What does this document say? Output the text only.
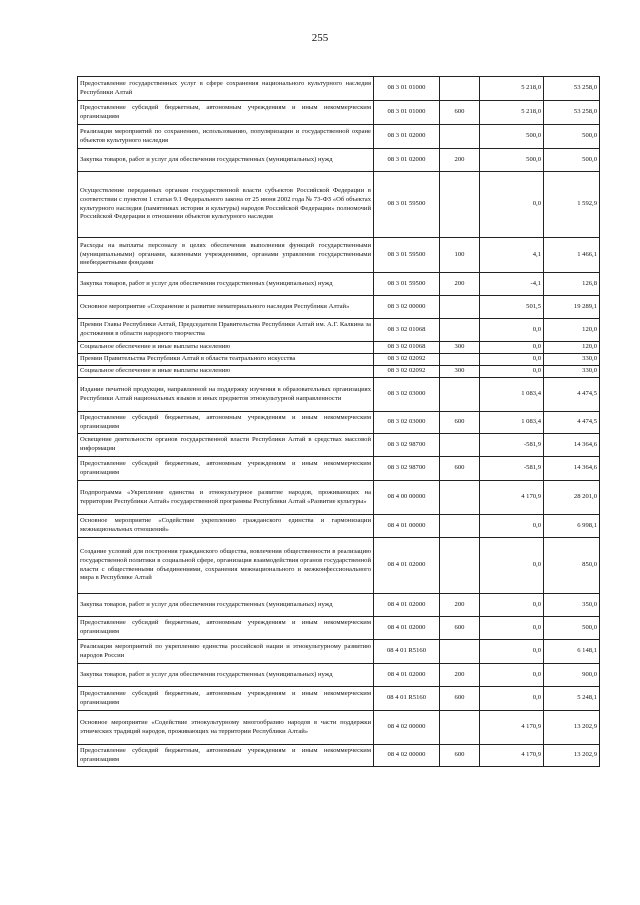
255
Предоставление государственных услуг в сфере сохранения национального культурного наследия Республики Алтай	08 3 01 01000		5 218,0	53 258,0
Предоставление субсидий бюджетным, автономным учреждениям и иным некоммерческим организациям	08 3 01 01000	600	5 218,0	53 258,0
Реализация мероприятий по сохранению, использованию, популяризации и государственной охране объектов культурного наследия	08 3 01 02000		500,0	500,0
Закупка товаров, работ и услуг для обеспечения государственных (муниципальных) нужд	08 3 01 02000	200	500,0	500,0
Осуществление переданных органам государственной власти субъектов Российской Федерации в соответствии с пунктом 1 статьи 9.1 Федерального закона от 25 июня 2002 года № 73-ФЗ «Об объектах культурного наследия (памятниках истории и культуры) народов Российской Федерации» полномочий Российской Федерации в отношении объектов культурного наследия	08 3 01 59500		0,0	1 592,9
Расходы на выплаты персоналу в целях обеспечения выполнения функций государственными (муниципальными) органами, казенными учреждениями, органами управления государственными внебюджетными фондами	08 3 01 59500	100	4,1	1 466,1
Закупка товаров, работ и услуг для обеспечения государственных (муниципальных) нужд	08 3 01 59500	200	-4,1	126,8
Основное мероприятие «Сохранение и развитие нематериального наследия Республики Алтай»	08 3 02 00000		501,5	19 289,1
Премии Главы Республики Алтай, Председателя Правительства Республики Алтай им. А.Г. Калкина за достижения в области народного творчества	08 3 02 01068		0,0	120,0
Социальное обеспечение и иные выплаты населению	08 3 02 01068	300	0,0	120,0
Премии Правительства Республики Алтай в области театрального искусства	08 3 02 02092		0,0	330,0
Социальное обеспечение и иные выплаты населению	08 3 02 02092	300	0,0	330,0
Издание печатной продукции, направленной на поддержку изучения в образовательных организациях Республики Алтай национальных языков и иных предметов этнокультурной направленности	08 3 02 03000		1 083,4	4 474,5
Предоставление субсидий бюджетным, автономным учреждениям и иным некоммерческим организациям	08 3 02 03000	600	1 083,4	4 474,5
Освещение деятельности органов государственной власти Республики Алтай в средствах массовой информации	08 3 02 98700		-581,9	14 364,6
Предоставление субсидий бюджетным, автономным учреждениям и иным некоммерческим организациям	08 3 02 98700	600	-581,9	14 364,6
Подпрограмма «Укрепление единства и этнокультурное развитие народов, проживающих на территории Республики Алтай» государственной программы Республики Алтай «Развитие культуры»	08 4 00 00000		4 170,9	28 201,0
Основное мероприятие «Содействие укреплению гражданского единства и гармонизации межнациональных отношений»	08 4 01 00000		0,0	6 998,1
Создание условий для построения гражданского общества, вовлечения общественности в реализацию государственной политики в социальной сфере, организация взаимодействия органов государственной власти с общественными объединениями, сохранения межнационального и межконфессионального мира в Республике Алтай	08 4 01 02000		0,0	850,0
Закупка товаров, работ и услуг для обеспечения государственных (муниципальных) нужд	08 4 01 02000	200	0,0	350,0
Предоставление субсидий бюджетным, автономным учреждениям и иным некоммерческим организациям	08 4 01 02000	600	0,0	500,0
Реализация мероприятий по укреплению единства российской нации и этнокультурному развитию народов России	08 4 01 R5160		0,0	6 148,1
Закупка товаров, работ и услуг для обеспечения государственных (муниципальных) нужд	08 4 01 02000	200	0,0	900,0
Предоставление субсидий бюджетным, автономным учреждениям и иным некоммерческим организациям	08 4 01 R5160	600	0,0	5 248,1
Основное мероприятие «Содействие этнокультурному многообразию народов в части поддержки этнических традиций народов, проживающих на территории Республики Алтай»	08 4 02 00000		4 170,9	13 202,9
Предоставление субсидий бюджетным, автономным учреждениям и иным некоммерческим организациям	08 4 02 00000	600	4 170,9	13 202,9
